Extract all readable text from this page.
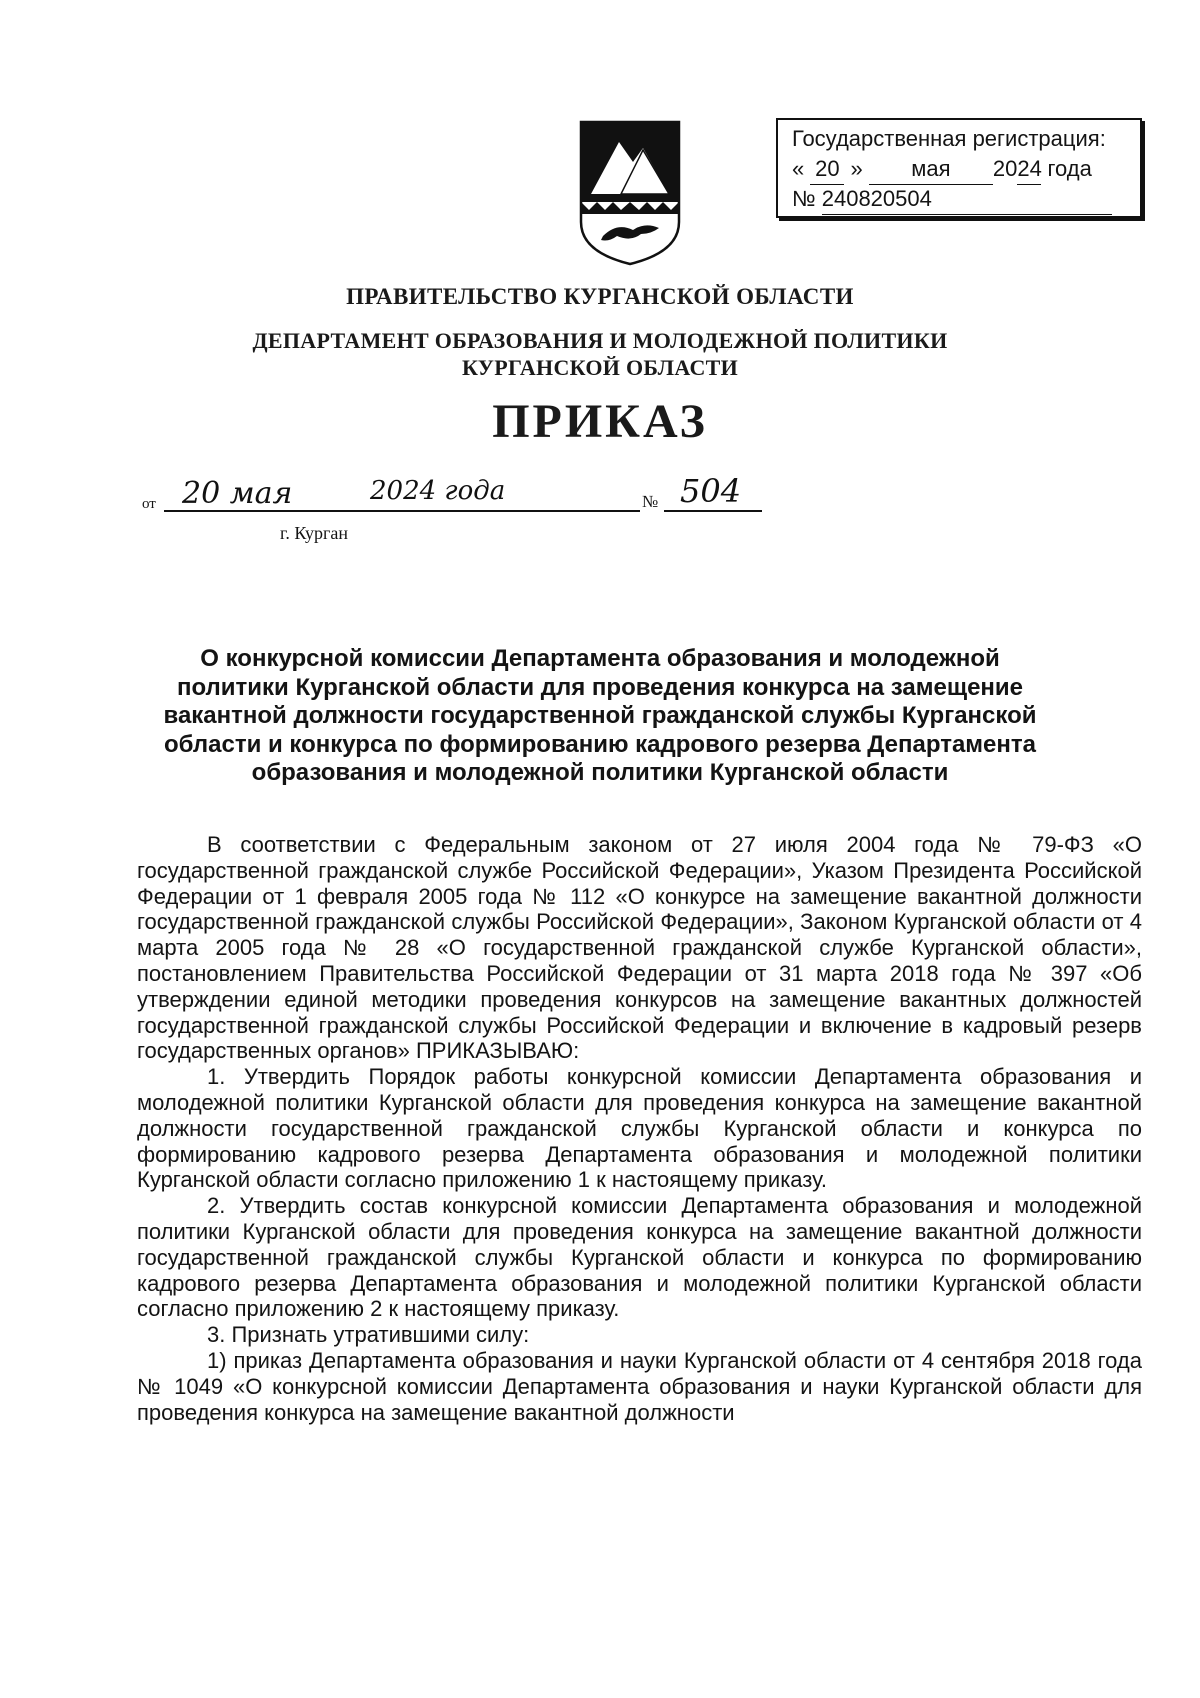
Государственная регистрация:
« 20 » мая 2024 года
№ 240820504
ПРАВИТЕЛЬСТВО КУРГАНСКОЙ ОБЛАСТИ
ДЕПАРТАМЕНТ ОБРАЗОВАНИЯ И МОЛОДЕЖНОЙ ПОЛИТИКИ
КУРГАНСКОЙ ОБЛАСТИ
ПРИКАЗ
от 20 мая	2024 года	№ 504
г. Курган
О конкурсной комиссии Департамента образования и молодежной политики Курганской области для проведения конкурса на замещение вакантной должности государственной гражданской службы Курганской области и конкурса по формированию кадрового резерва Департамента образования и молодежной политики Курганской области

В соответствии с Федеральным законом от 27 июля 2004 года № 79-ФЗ «О государственной гражданской службе Российской Федерации», Указом Президента Российской Федерации от 1 февраля 2005 года № 112 «О конкурсе на замещение вакантной должности государственной гражданской службы Российской Федерации», Законом Курганской области от 4 марта 2005 года № 28 «О государственной гражданской службе Курганской области», постановлением Правительства Российской Федерации от 31 марта 2018 года № 397 «Об утверждении единой методики проведения конкурсов на замещение вакантных должностей государственной гражданской службы Российской Федерации и включение в кадровый резерв государственных органов» ПРИКАЗЫВАЮ:

1. Утвердить Порядок работы конкурсной комиссии Департамента образования и молодежной политики Курганской области для проведения конкурса на замещение вакантной должности государственной гражданской службы Курганской области и конкурса по формированию кадрового резерва Департамента образования и молодежной политики Курганской области согласно приложению 1 к настоящему приказу.

2. Утвердить состав конкурсной комиссии Департамента образования и молодежной политики Курганской области для проведения конкурса на замещение вакантной должности государственной гражданской службы Курганской области и конкурса по формированию кадрового резерва Департамента образования и молодежной политики Курганской области согласно приложению 2 к настоящему приказу.

3. Признать утратившими силу:

1) приказ Департамента образования и науки Курганской области от 4 сентября 2018 года № 1049 «О конкурсной комиссии Департамента образования и науки Курганской области для проведения конкурса на замещение вакантной должности
